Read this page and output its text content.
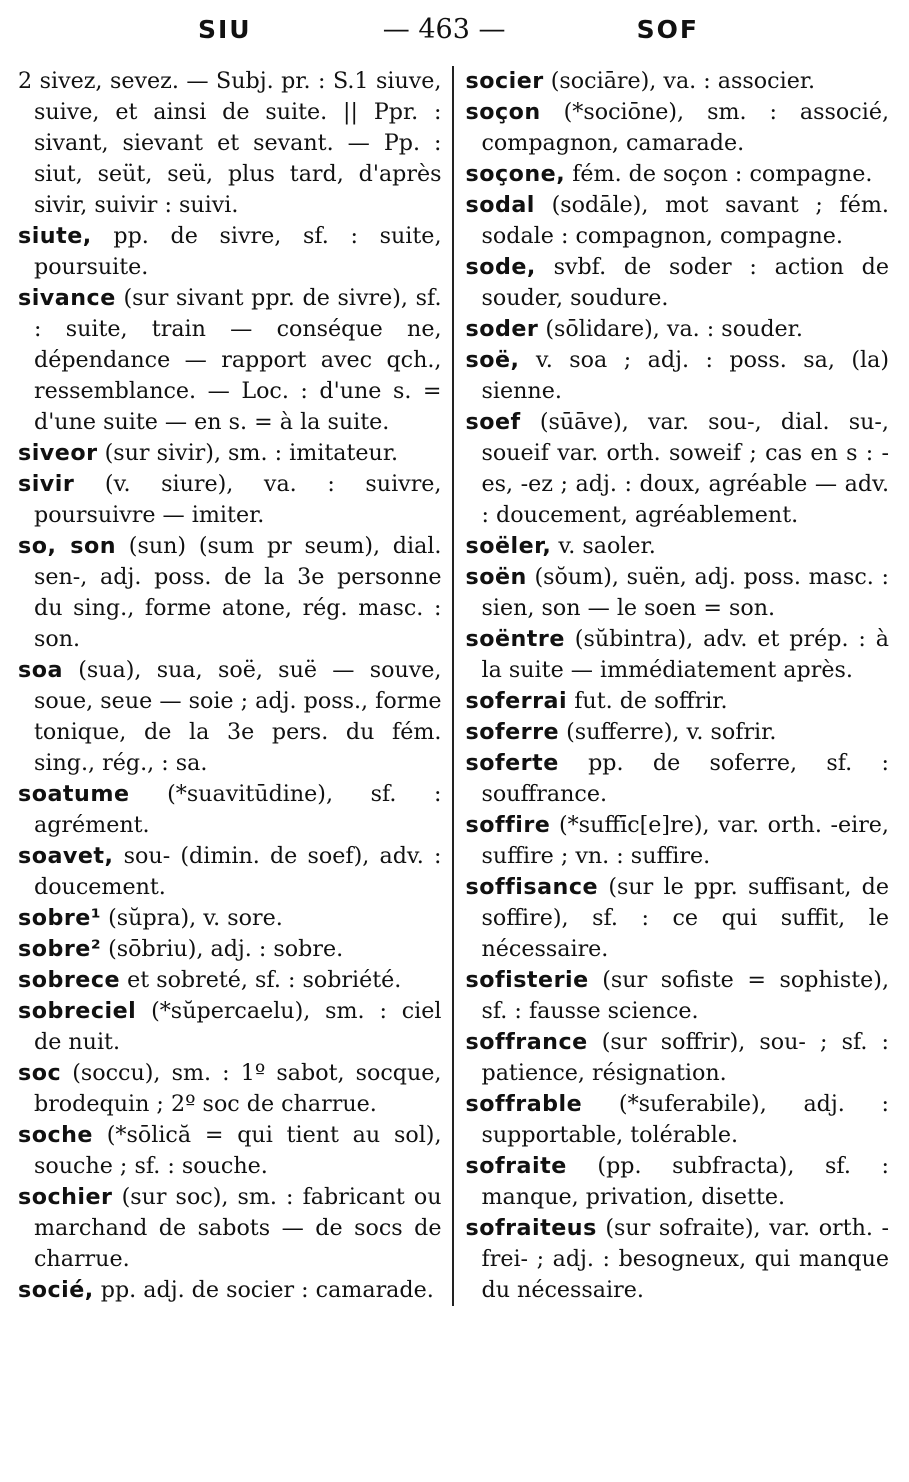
SIU	— 463 —	SOF

2 sivez, sevez. — Subj. pr. : S.1 siuve, suive, et ainsi de suite. || Ppr. : sivant, sievant et sevant. — Pp. : siut, seüt, seü, plus tard, d'après sivir, suivir : suivi.

siute, pp. de sivre, sf. : suite, poursuite.

sivance (sur sivant ppr. de sivre), sf. : suite, train — conséque ne, dépendance — rapport avec qch., ressemblance. — Loc. : d'une s. = d'une suite — en s. = à la suite.

siveor (sur sivir), sm. : imitateur.

sivir (v. siure), va. : suivre, poursuivre — imiter.

so, son (sun) (sum pr seum), dial. sen-, adj. poss. de la 3e personne du sing., forme atone, rég. masc. : son.

soa (sua), sua, soë, suë — souve, soue, seue — soie ; adj. poss., forme tonique, de la 3e pers. du fém. sing., rég., : sa.

soatume (*suavitūdine), sf. : agrément.

soavet, sou- (dimin. de soef), adv. : doucement.

sobre¹ (sŭpra), v. sore.

sobre² (sōbriu), adj. : sobre.

sobrece et sobreté, sf. : sobriété.

sobreciel (*sŭpercaelu), sm. : ciel de nuit.

soc (soccu), sm. : 1º sabot, socque, brodequin ; 2º soc de charrue.

soche (*sōlică = qui tient au sol), souche ; sf. : souche.

sochier (sur soc), sm. : fabricant ou marchand de sabots — de socs de charrue.

socié, pp. adj. de socier : camarade.

socier (sociāre), va. : associer.

soçon (*sociōne), sm. : associé, compagnon, camarade.

soçone, fém. de soçon : compagne.

sodal (sodāle), mot savant ; fém. sodale : compagnon, compagne.

sode, svbf. de soder : action de souder, soudure.

soder (sōlidare), va. : souder.

soë, v. soa ; adj. : poss. sa, (la) sienne.

soef (sūāve), var. sou-, dial. su-, soueif var. orth. soweif ; cas en s : -es, -ez ; adj. : doux, agréable — adv. : doucement, agréablement.

soëler, v. saoler.

soën (sŏum), suën, adj. poss. masc. : sien, son — le soen = son.

soëntre (sŭbintra), adv. et prép. : à la suite — immédiatement après.

soferrai fut. de soffrir.

soferre (sufferre), v. sofrir.

soferte pp. de soferre, sf. : souffrance.

soffire (*suffīc[e]re), var. orth. -eire, suffire ; vn. : suffire.

soffisance (sur le ppr. suffisant, de soffire), sf. : ce qui suffit, le nécessaire.

sofisterie (sur sofiste = sophiste), sf. : fausse science.

soffrance (sur soffrir), sou- ; sf. : patience, résignation.

soffrable (*suferabile), adj. : supportable, tolérable.

sofraite (pp. subfracta), sf. : manque, privation, disette.

sofraiteus (sur sofraite), var. orth. -frei- ; adj. : besogneux, qui manque du nécessaire.
